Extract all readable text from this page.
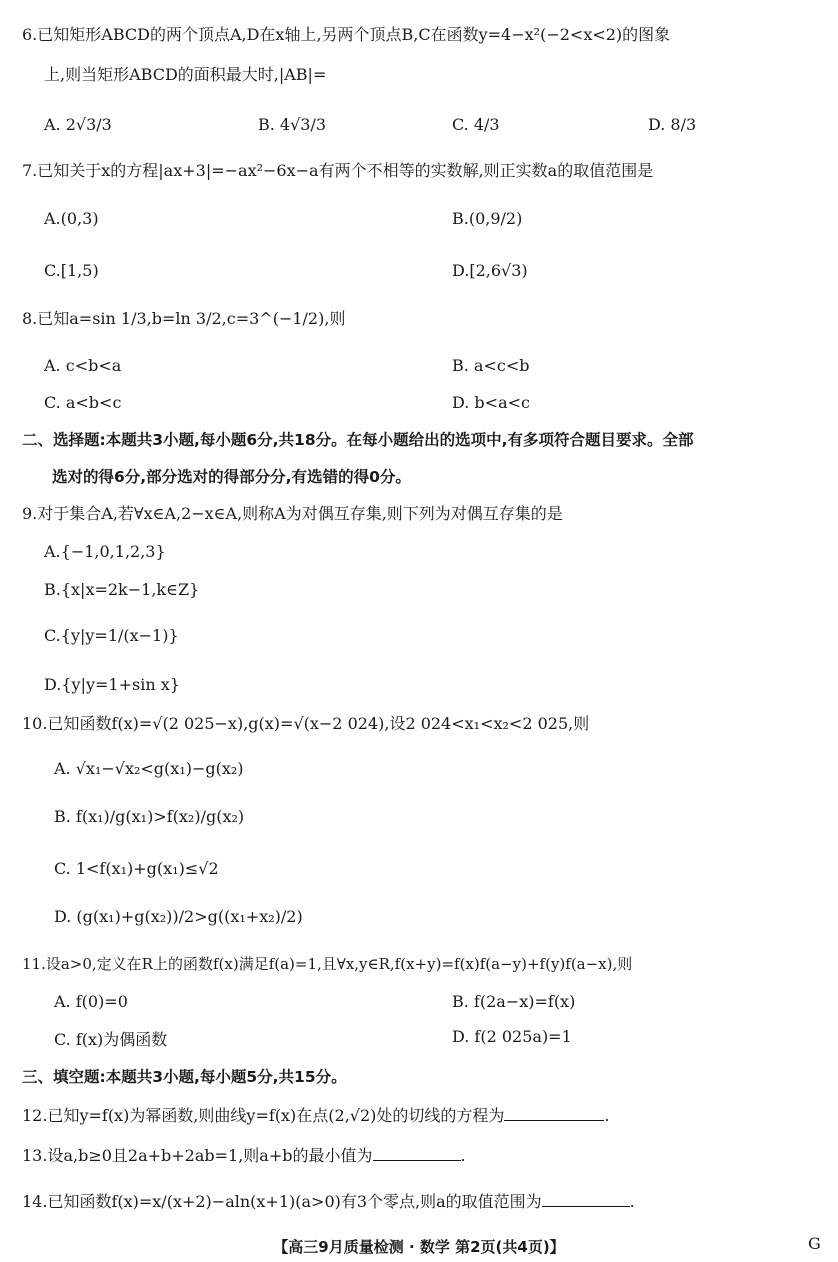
6.已知矩形ABCD的两个顶点A,D在x轴上,另两个顶点B,C在函数y=4−x²(−2<x<2)的图象
上,则当矩形ABCD的面积最大时,|AB|=
A. 2√3/3	B. 4√3/3	C. 4/3	D. 8/3
7.已知关于x的方程|ax+3|=−ax²−6x−a有两个不相等的实数解,则正实数a的取值范围是
A.(0,3)	B.(0,9/2)
C.[1,5)	D.[2,6√3)
8.已知a=sin 1/3,b=ln 3/2,c=3^(−1/2),则
A. c<b<a	B. a<c<b
C. a<b<c	D. b<a<c
二、选择题:本题共3小题,每小题6分,共18分。在每小题给出的选项中,有多项符合题目要求。全部
选对的得6分,部分选对的得部分分,有选错的得0分。
9.对于集合A,若∀x∈A,2−x∈A,则称A为对偶互存集,则下列为对偶互存集的是
A.{−1,0,1,2,3}
B.{x|x=2k−1,k∈Z}
C.{y|y=1/(x−1)}
D.{y|y=1+sin x}
10.已知函数f(x)=√(2 025−x),g(x)=√(x−2 024),设2 024<x₁<x₂<2 025,则
A. √x₁−√x₂<g(x₁)−g(x₂)
B. f(x₁)/g(x₁)>f(x₂)/g(x₂)
C. 1<f(x₁)+g(x₁)≤√2
D. (g(x₁)+g(x₂))/2>g((x₁+x₂)/2)
11.设a>0,定义在R上的函数f(x)满足f(a)=1,且∀x,y∈R,f(x+y)=f(x)f(a−y)+f(y)f(a−x),则
A. f(0)=0	B. f(2a−x)=f(x)
C. f(x)为偶函数	D. f(2 025a)=1
三、填空题:本题共3小题,每小题5分,共15分。
12.已知y=f(x)为幂函数,则曲线y=f(x)在点(2,√2)处的切线的方程为	.
13.设a,b≥0且2a+b+2ab=1,则a+b的最小值为	.
14.已知函数f(x)=x/(x+2)−aln(x+1)(a>0)有3个零点,则a的取值范围为	.
【高三9月质量检测 · 数学 第2页(共4页)】	G
